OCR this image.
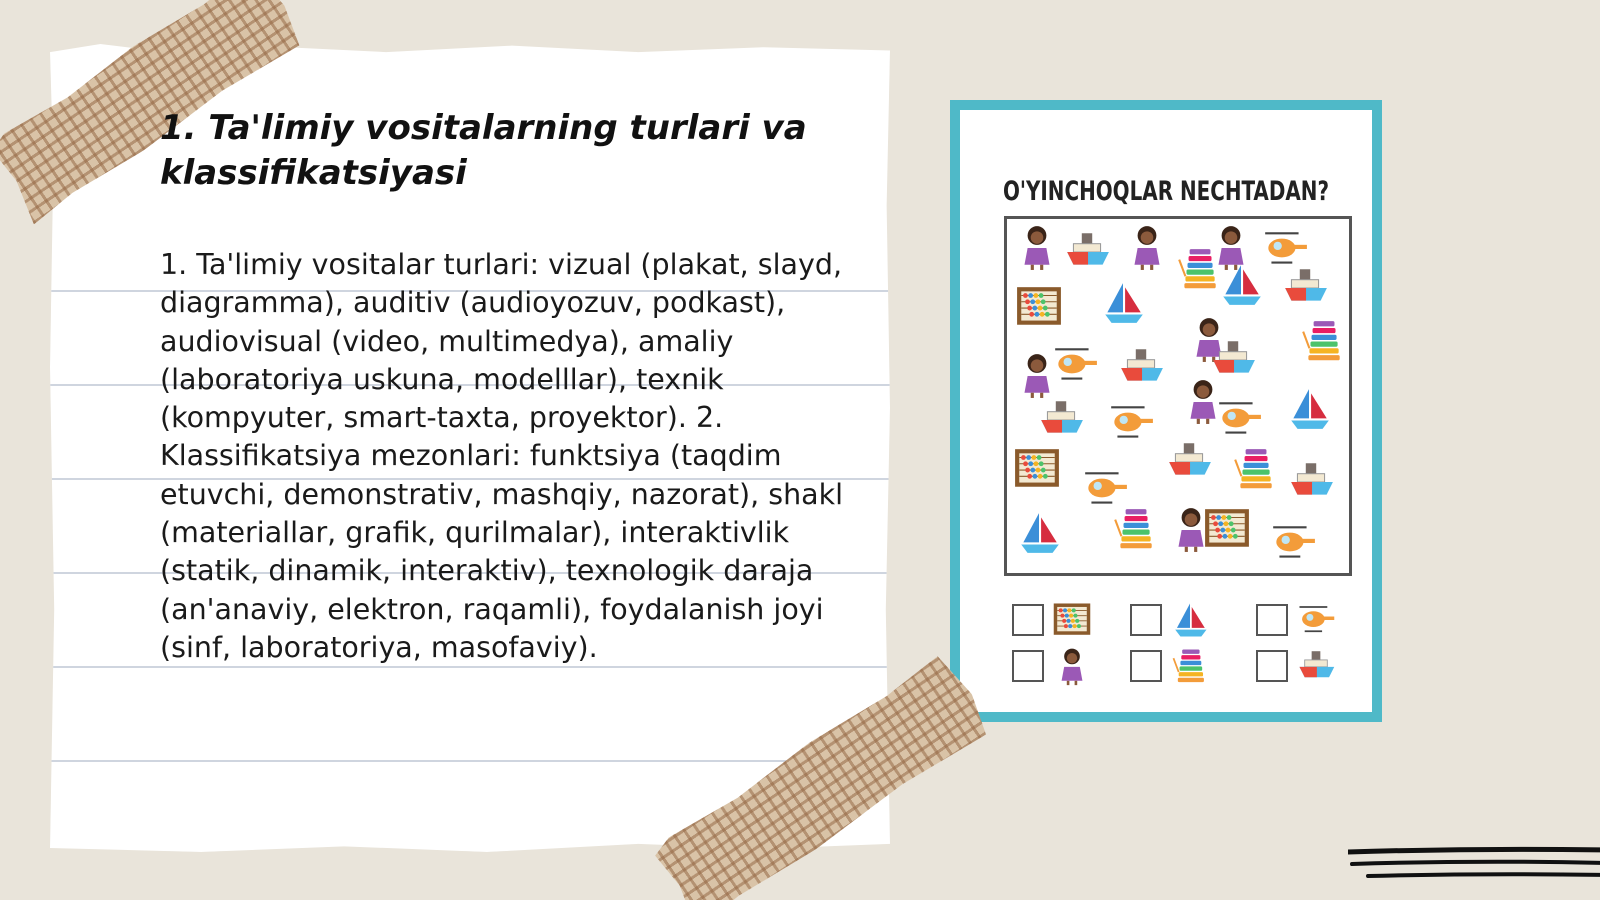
1. Ta'limiy vositalarning turlari va klassifikatsiyasi

1. Ta'limiy vositalar turlari: vizual (plakat, slayd, diagramma), auditiv (audioyozuv, podkast), audiovisual (video, multimedya), amaliy (laboratoriya uskuna, modelllar), texnik (kompyuter, smart-taxta, proyektor). 2. Klassifikatsiya mezonlari: funktsiya (taqdim etuvchi, demonstrativ, mashqiy, nazorat), shakl (materiallar, grafik, qurilmalar), interaktivlik (statik, dinamik, interaktiv), texnologik daraja (an'anaviy, elektron, raqamli), foydalanish joyi (sinf, laboratoriya, masofaviy).

O'YINCHOQLAR NECHTADAN?
